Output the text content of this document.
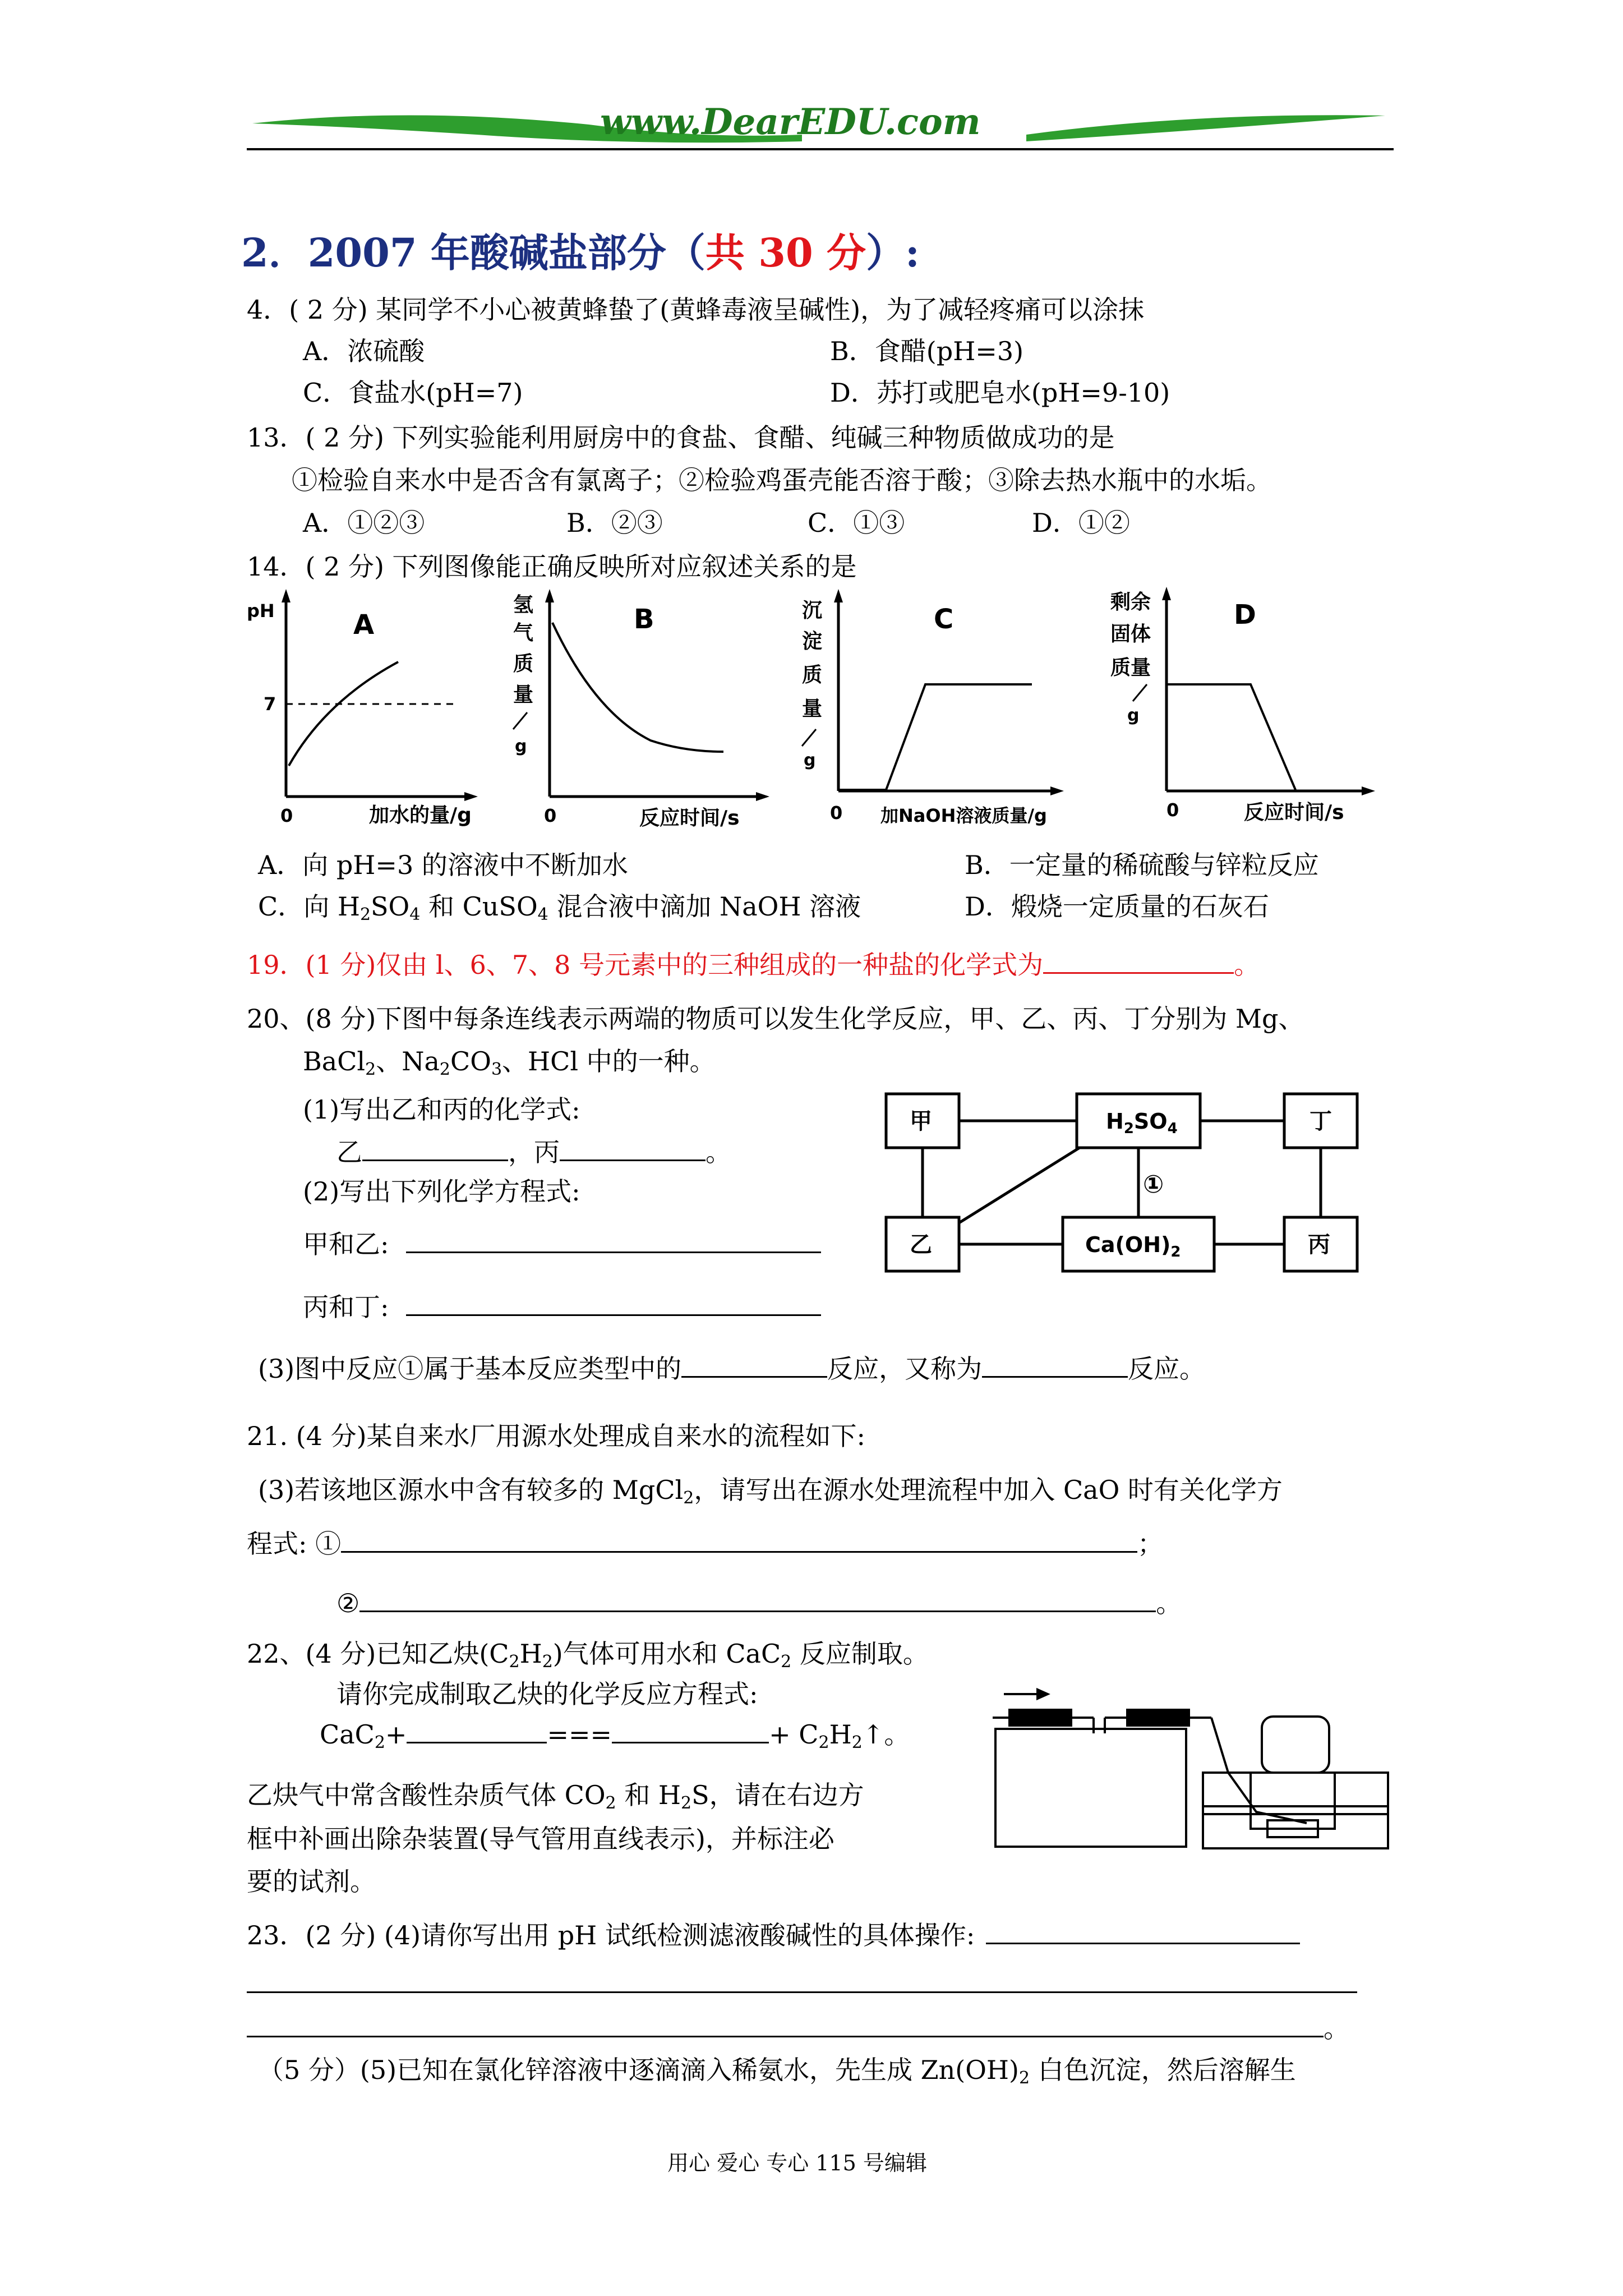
www.DearEDU.com
2．2007 年酸碱盐部分（共 30 分）:
4．( 2 分) 某同学不小心被黄蜂蛰了(黄蜂毒液呈碱性)，为了减轻疼痛可以涂抹
A．浓硫酸	B．食醋(pH=3)
C．食盐水(pH=7)	D．苏打或肥皂水(pH=9-10)
13．( 2 分) 下列实验能利用厨房中的食盐、食醋、纯碱三种物质做成功的是
①检验自来水中是否含有氯离子；②检验鸡蛋壳能否溶于酸；③除去热水瓶中的水垢。
A．①②③	B．②③	C．①③	D．①②
14．( 2 分) 下列图像能正确反映所对应叙述关系的是
pH	A
7
0	加水的量/g
氢
气
质
量
g
B
0	反应时间/s
沉
淀
质
量
g
C
0 加NaOH溶液质量/g
剩余
固体
质量
g
D
0	反应时间/s
A．向 pH=3 的溶液中不断加水	B．一定量的稀硫酸与锌粒反应
C．向 $H_2SO_4$ 和 CuSO$_4$ 混合液中滴加 NaOH 溶液	D．煅烧一定质量的石灰石
19．(1 分)仅由 l、6、7、8 号元素中的三种组成的一种盐的化学式为	。
20、(8 分)下图中每条连线表示两端的物质可以发生化学反应，甲、乙、丙、丁分别为 Mg、
BaCl$_2$、$Na_2CO_3$、HCl 中的一种。
(1)写出乙和丙的化学式:
乙	，丙	。
(2)写出下列化学方程式:
甲和乙:
丙和丁:
甲	$H_2SO_4$	丁
乙	$Ca(OH)_2$	丙
①
(3)图中反应①属于基本反应类型中的	反应，又称为	反应。
21. (4 分)某自来水厂用源水处理成自来水的流程如下:
(3)若该地区源水中含有较多的 MgCl$_2$，请写出在源水处理流程中加入 CaO 时有关化学方
程式: ①	；
②	。
22、(4 分)已知乙炔$(C_2H_2)$气体可用水和 CaC$_2$ 反应制取。
请你完成制取乙炔的化学反应方程式:
CaC$_2$+	===	+ $C_2H_2↑$。
乙炔气中常含酸性杂质气体 $CO_2$ 和 $H_2S$，请在右边方
框中补画出除杂装置(导气管用直线表示)，并标注必
要的试剂。
23．(2 分) (4)请你写出用 pH 试纸检测滤液酸碱性的具体操作:
。
（5 分）(5)已知在氯化锌溶液中逐滴滴入稀氨水，先生成 $Zn(OH)_2$ 白色沉淀，然后溶解生
用心 爱心 专心 115 号编辑
